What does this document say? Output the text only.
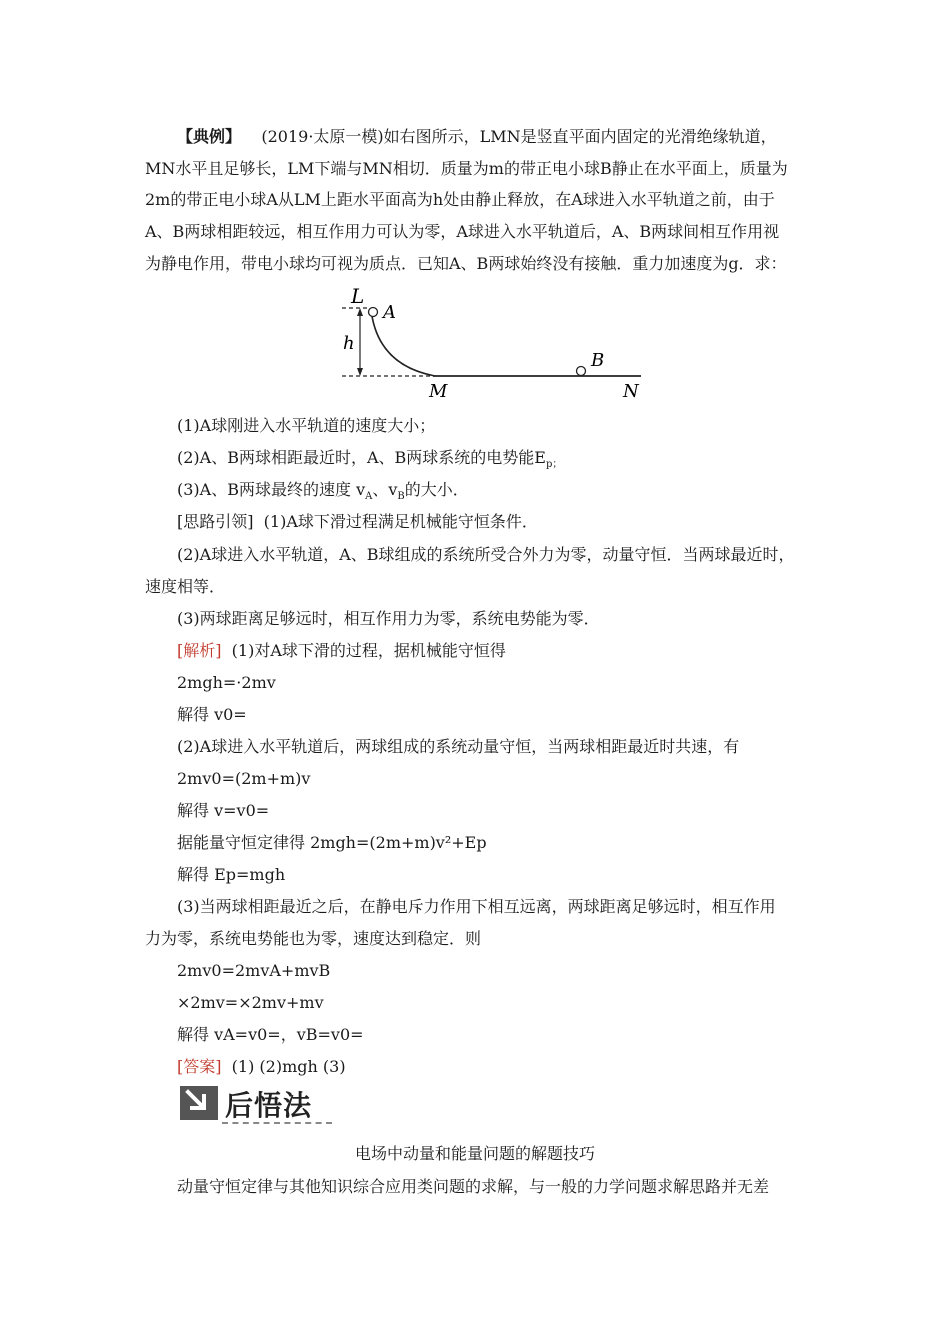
【典例】 (2019·太原一模)如右图所示，LMN是竖直平面内固定的光滑绝缘轨道，
MN水平且足够长，LM下端与MN相切．质量为m的带正电小球B静止在水平面上，质量为
2m的带正电小球A从LM上距水平面高为h处由静止释放，在A球进入水平轨道之前，由于
A、B两球相距较远，相互作用力可认为零，A球进入水平轨道后，A、B两球间相互作用视
为静电作用，带电小球均可视为质点．已知A、B两球始终没有接触．重力加速度为g．求：
L
A
h
B
M	N
(1)A球刚进入水平轨道的速度大小；
(2)A、B两球相距最近时，A、B两球系统的电势能$E_{p;}$
(3)A、B两球最终的速度 $v_A$、$v_B$的大小．
[思路引领] (1)A球下滑过程满足机械能守恒条件．
(2)A球进入水平轨道，A、B球组成的系统所受合外力为零，动量守恒．当两球最近时，
速度相等．
(3)两球距离足够远时，相互作用力为零，系统电势能为零．
[解析] (1)对A球下滑的过程，据机械能守恒得
2mgh=·2mv
解得 v0=
(2)A球进入水平轨道后，两球组成的系统动量守恒，当两球相距最近时共速，有
2mv0=(2m+m)v
解得 v=v0=
据能量守恒定律得 2mgh=(2m+m)v²+Ep
解得 Ep=mgh
(3)当两球相距最近之后，在静电斥力作用下相互远离，两球距离足够远时，相互作用
力为零，系统电势能也为零，速度达到稳定．则
2mv0=2mvA+mvB
×2mv=×2mv+mv
解得 vA=v0=，vB=v0=
[答案] (1) (2)mgh (3)
后悟法
电场中动量和能量问题的解题技巧
动量守恒定律与其他知识综合应用类问题的求解，与一般的力学问题求解思路并无差
